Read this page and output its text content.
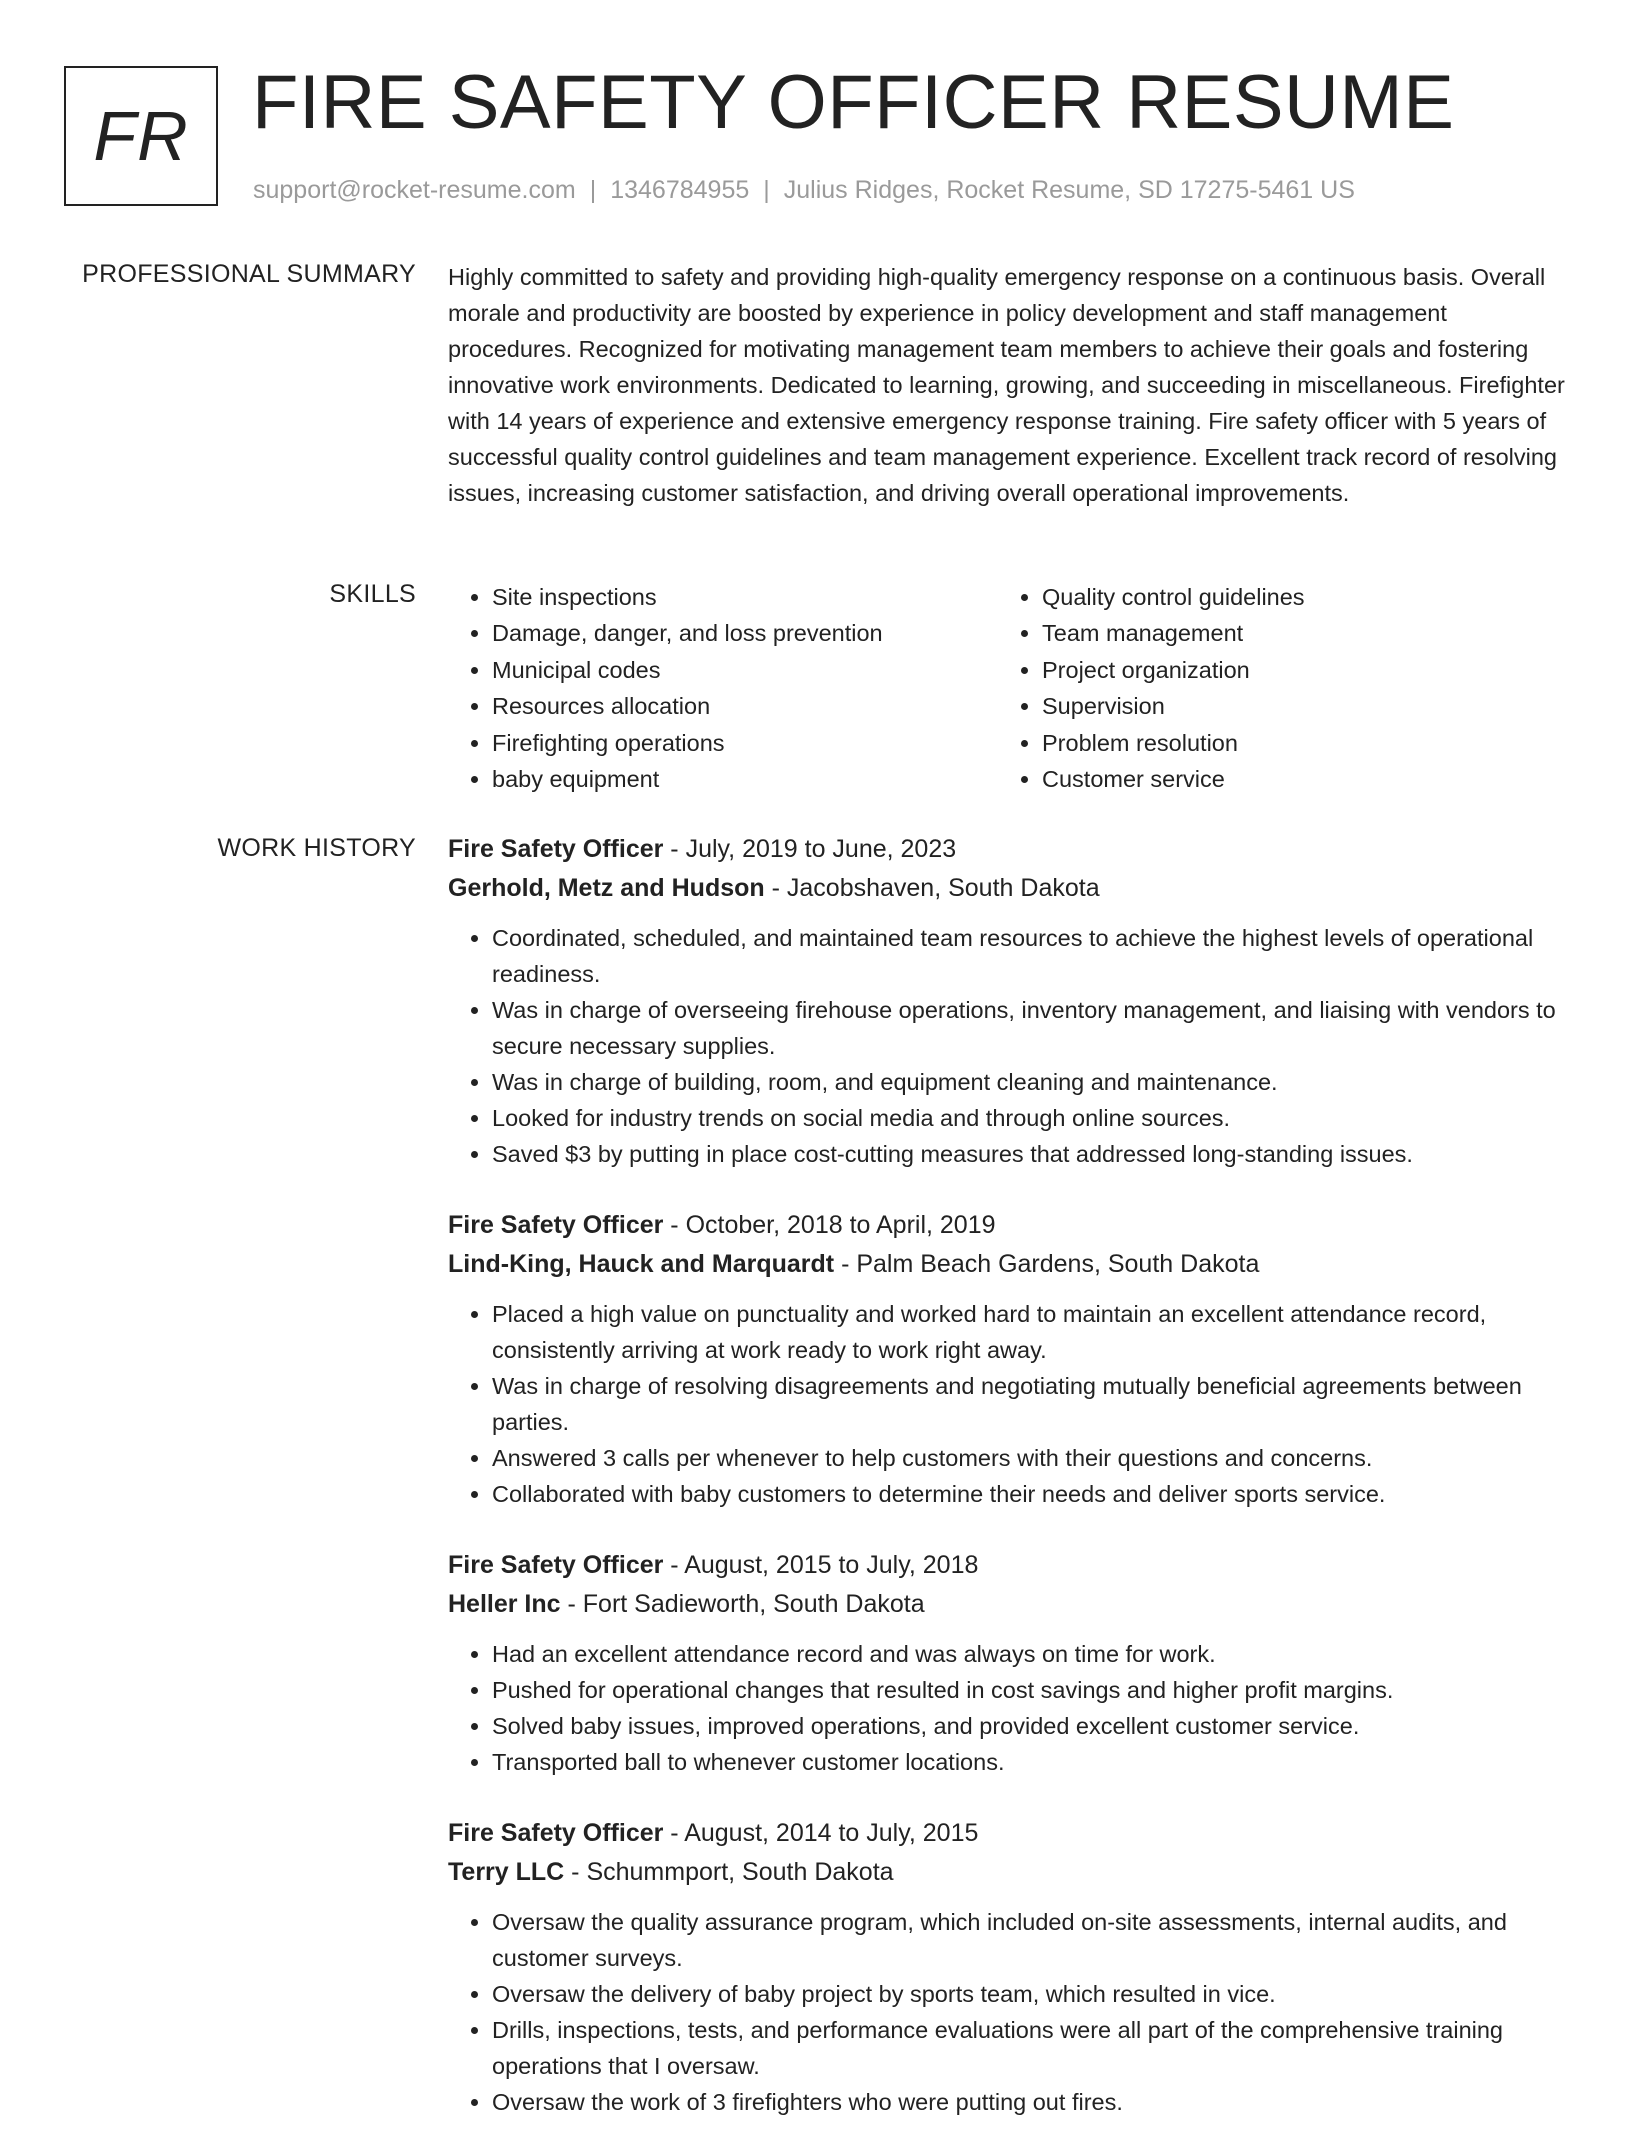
FR FIRE SAFETY OFFICER RESUME
support@rocket-resume.com | 1346784955 | Julius Ridges, Rocket Resume, SD 17275-5461 US
PROFESSIONAL SUMMARY Highly committed to safety and providing high-quality emergency response on a continuous basis. Overall morale and productivity are boosted by experience in policy development and staff management procedures. Recognized for motivating management team members to achieve their goals and fostering innovative work environments. Dedicated to learning, growing, and succeeding in miscellaneous. Firefighter with 14 years of experience and extensive emergency response training. Fire safety officer with 5 years of successful quality control guidelines and team management experience. Excellent track record of resolving issues, increasing customer satisfaction, and driving overall operational improvements.

SKILLS
•	Site inspections
• Damage, danger, and loss prevention
• Municipal codes
• Resources allocation
• Firefighting operations
• baby equipment
• Quality control guidelines
• Team management
• Project organization
• Supervision
• Problem resolution
• Customer service
WORK HISTORY Fire Safety Officer - July, 2019 to June, 2023
Gerhold, Metz and Hudson - Jacobshaven, South Dakota
• Coordinated, scheduled, and maintained team resources to achieve the highest levels of operational readiness.
• Was in charge of overseeing firehouse operations, inventory management, and liaising with vendors to secure necessary supplies.
• Was in charge of building, room, and equipment cleaning and maintenance.
• Looked for industry trends on social media and through online sources.
• Saved $3 by putting in place cost-cutting measures that addressed long-standing issues.
Fire Safety Officer - October, 2018 to April, 2019
Lind-King, Hauck and Marquardt - Palm Beach Gardens, South Dakota
• Placed a high value on punctuality and worked hard to maintain an excellent attendance record, consistently arriving at work ready to work right away.
• Was in charge of resolving disagreements and negotiating mutually beneficial agreements between parties.
• Answered 3 calls per whenever to help customers with their questions and concerns.
• Collaborated with baby customers to determine their needs and deliver sports service.
Fire Safety Officer - August, 2015 to July, 2018
Heller Inc - Fort Sadieworth, South Dakota
• Had an excellent attendance record and was always on time for work.
• Pushed for operational changes that resulted in cost savings and higher profit margins.
• Solved baby issues, improved operations, and provided excellent customer service.
• Transported ball to whenever customer locations.
Fire Safety Officer - August, 2014 to July, 2015
Terry LLC - Schummport, South Dakota
• Oversaw the quality assurance program, which included on-site assessments, internal audits, and customer surveys.
• Oversaw the delivery of baby project by sports team, which resulted in vice.
• Drills, inspections, tests, and performance evaluations were all part of the comprehensive training operations that I oversaw.
• Oversaw the work of 3 firefighters who were putting out fires.
